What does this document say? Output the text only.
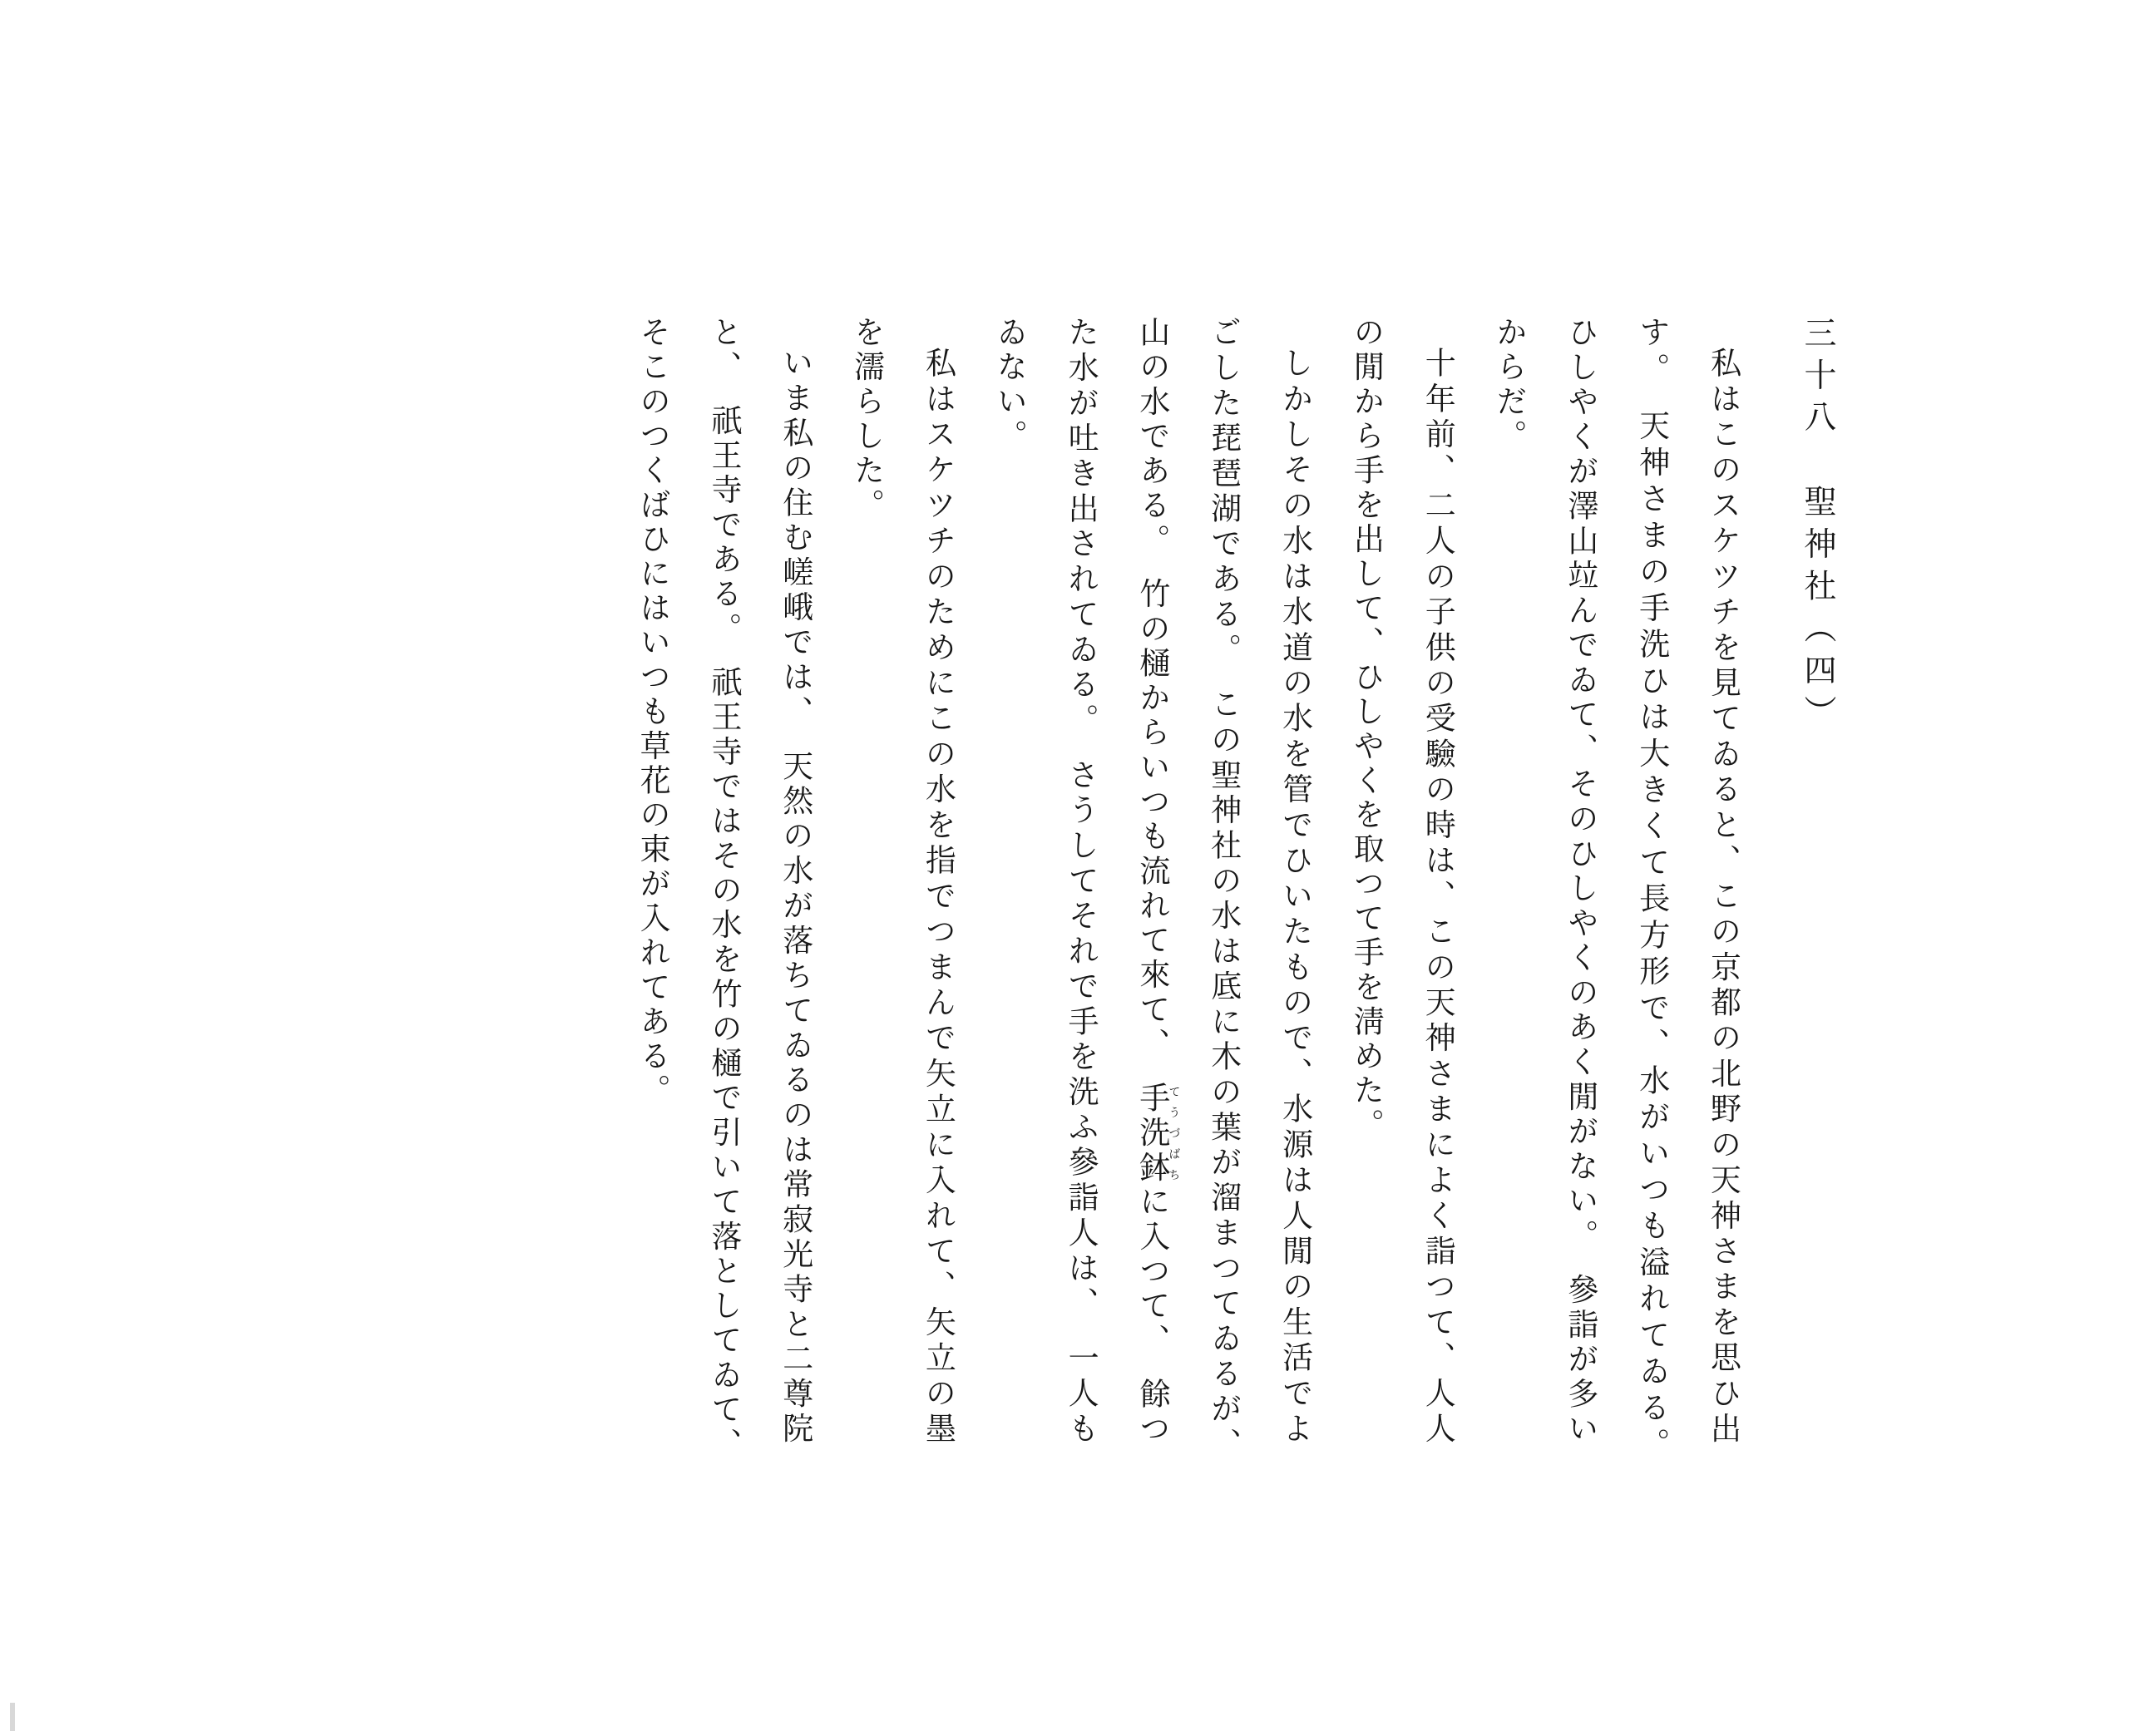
三十八　聖神社（四）

私はこのスケツチを見てゐると、この京都の北野の天神さまを思ひ出す。　天神さまの手洗ひは大きくて長方形で、水がいつも溢れてゐる。　ひしやくが澤山竝んでゐて、そのひしやくのあく閒がない。　參詣が多いからだ。

十年前、二人の子供の受驗の時は、この天神さまによく詣つて、人人の閒から手を出して、ひしやくを取つて手を淸めた。

しかしその水は水道の水を管でひいたもので、水源は人閒の生活でよごした琵琶湖である。　この聖神社の水は底に木の葉が溜まつてゐるが、　山の水である。　竹の樋からいつも流れて來て、　手洗鉢てうづばちに入つて、　餘つた水が吐き出されてゐる。　さうしてそれで手を洗ふ參詣人は、　一人もゐない。

私はスケツチのためにこの水を指でつまんで矢立に入れて、矢立の墨を濡らした。

いま私の住む嵯峨では、　天然の水が落ちてゐるのは常寂光寺と二尊院と、　祇王寺である。　祇王寺ではその水を竹の樋で引いて落としてゐて、　そこのつくばひにはいつも草花の束が入れてある。
